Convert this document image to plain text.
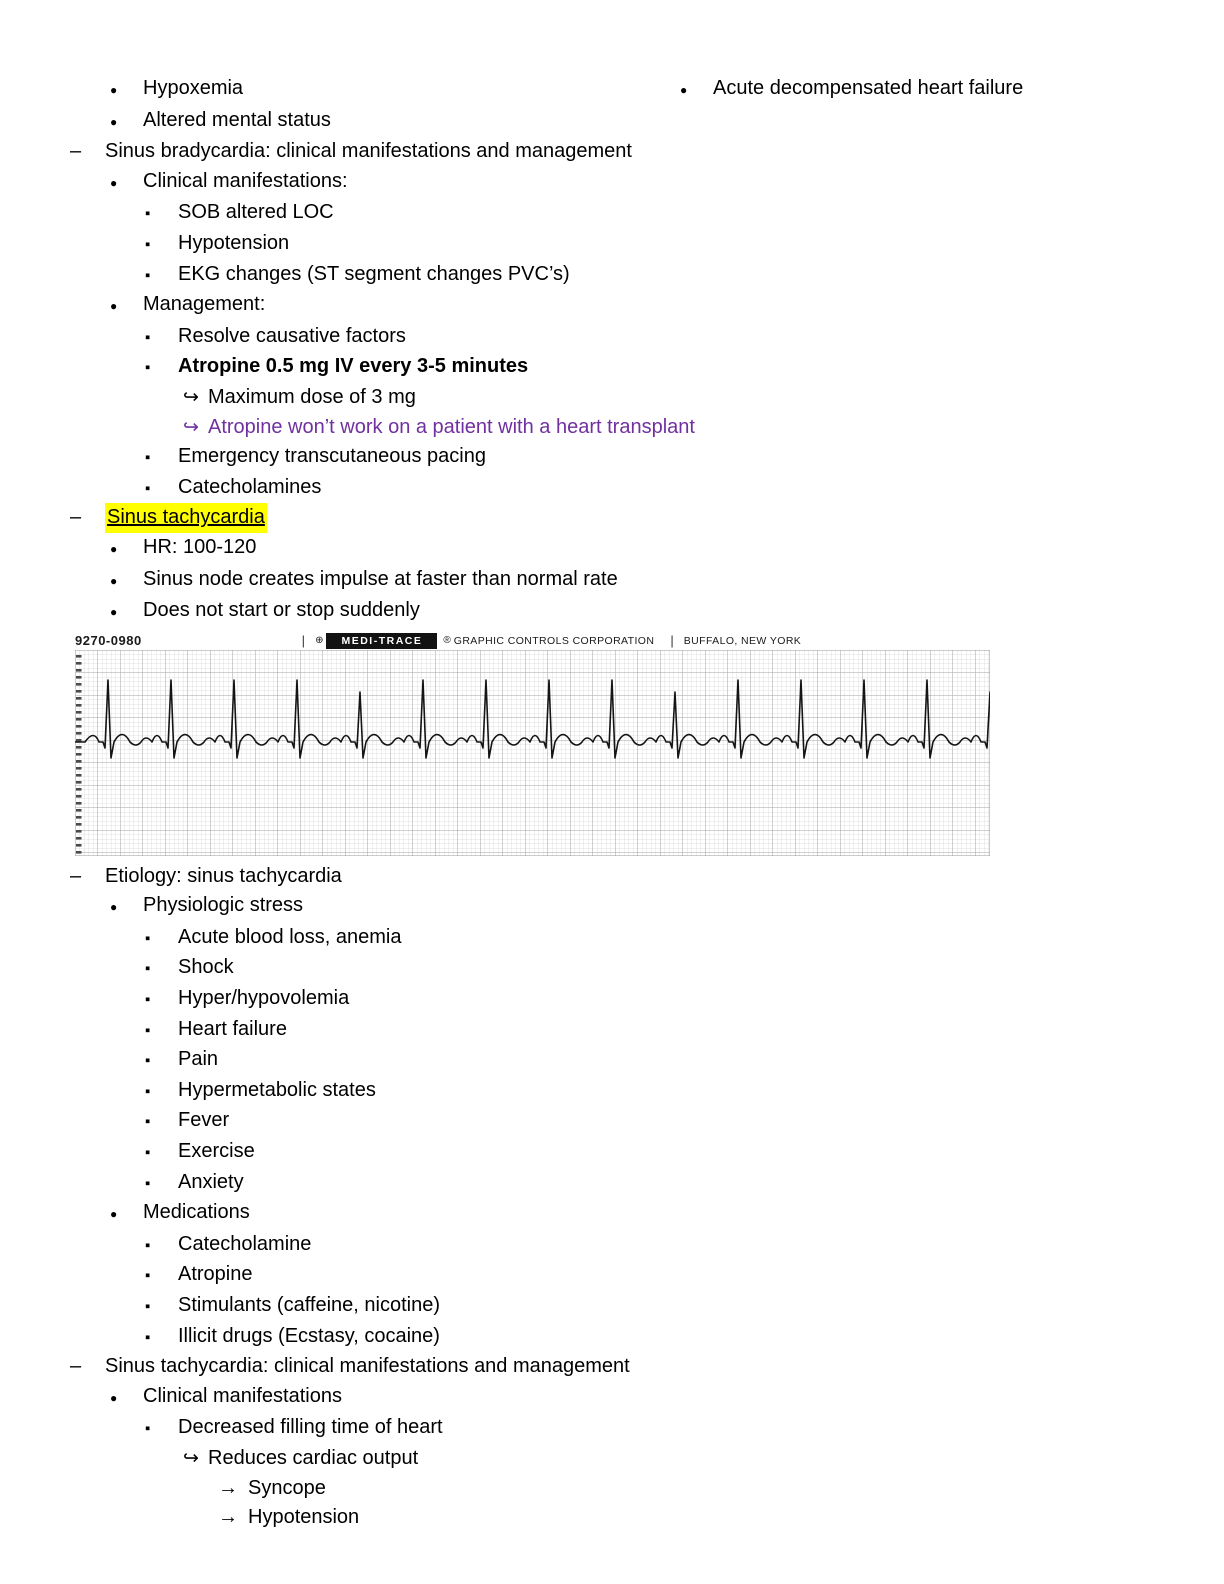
●	Acute decompensated heart failure
●	Hypoxemia
●	Altered mental status
–	Sinus bradycardia: clinical manifestations and management
●	Clinical manifestations:
▪	SOB altered LOC
▪	Hypotension
▪	EKG changes (ST segment changes PVC’s)
●	Management:
▪	Resolve causative factors
▪	Atropine 0.5 mg IV every 3-5 minutes
↪ Maximum dose of 3 mg
↪ Atropine won’t work on a patient with a heart transplant
▪	Emergency transcutaneous pacing
▪	Catecholamines
–	Sinus tachycardia
●	HR: 100-120
●	Sinus node creates impulse at faster than normal rate
●	Does not start or stop suddenly
9270-0980	| ⊕	MEDI-TRACE	® GRAPHIC CONTROLS CORPORATION | BUFFALO, NEW YORK
–	Etiology: sinus tachycardia
●	Physiologic stress
▪	Acute blood loss, anemia
▪	Shock
▪	Hyper/hypovolemia
▪	Heart failure
▪	Pain
▪	Hypermetabolic states
▪	Fever
▪	Exercise
▪	Anxiety
●	Medications
▪	Catecholamine
▪	Atropine
▪	Stimulants (caffeine, nicotine)
▪	Illicit drugs (Ecstasy, cocaine)
–	Sinus tachycardia: clinical manifestations and management
●	Clinical manifestations
▪	Decreased filling time of heart
↪ Reduces cardiac output
→ Syncope
→ Hypotension
